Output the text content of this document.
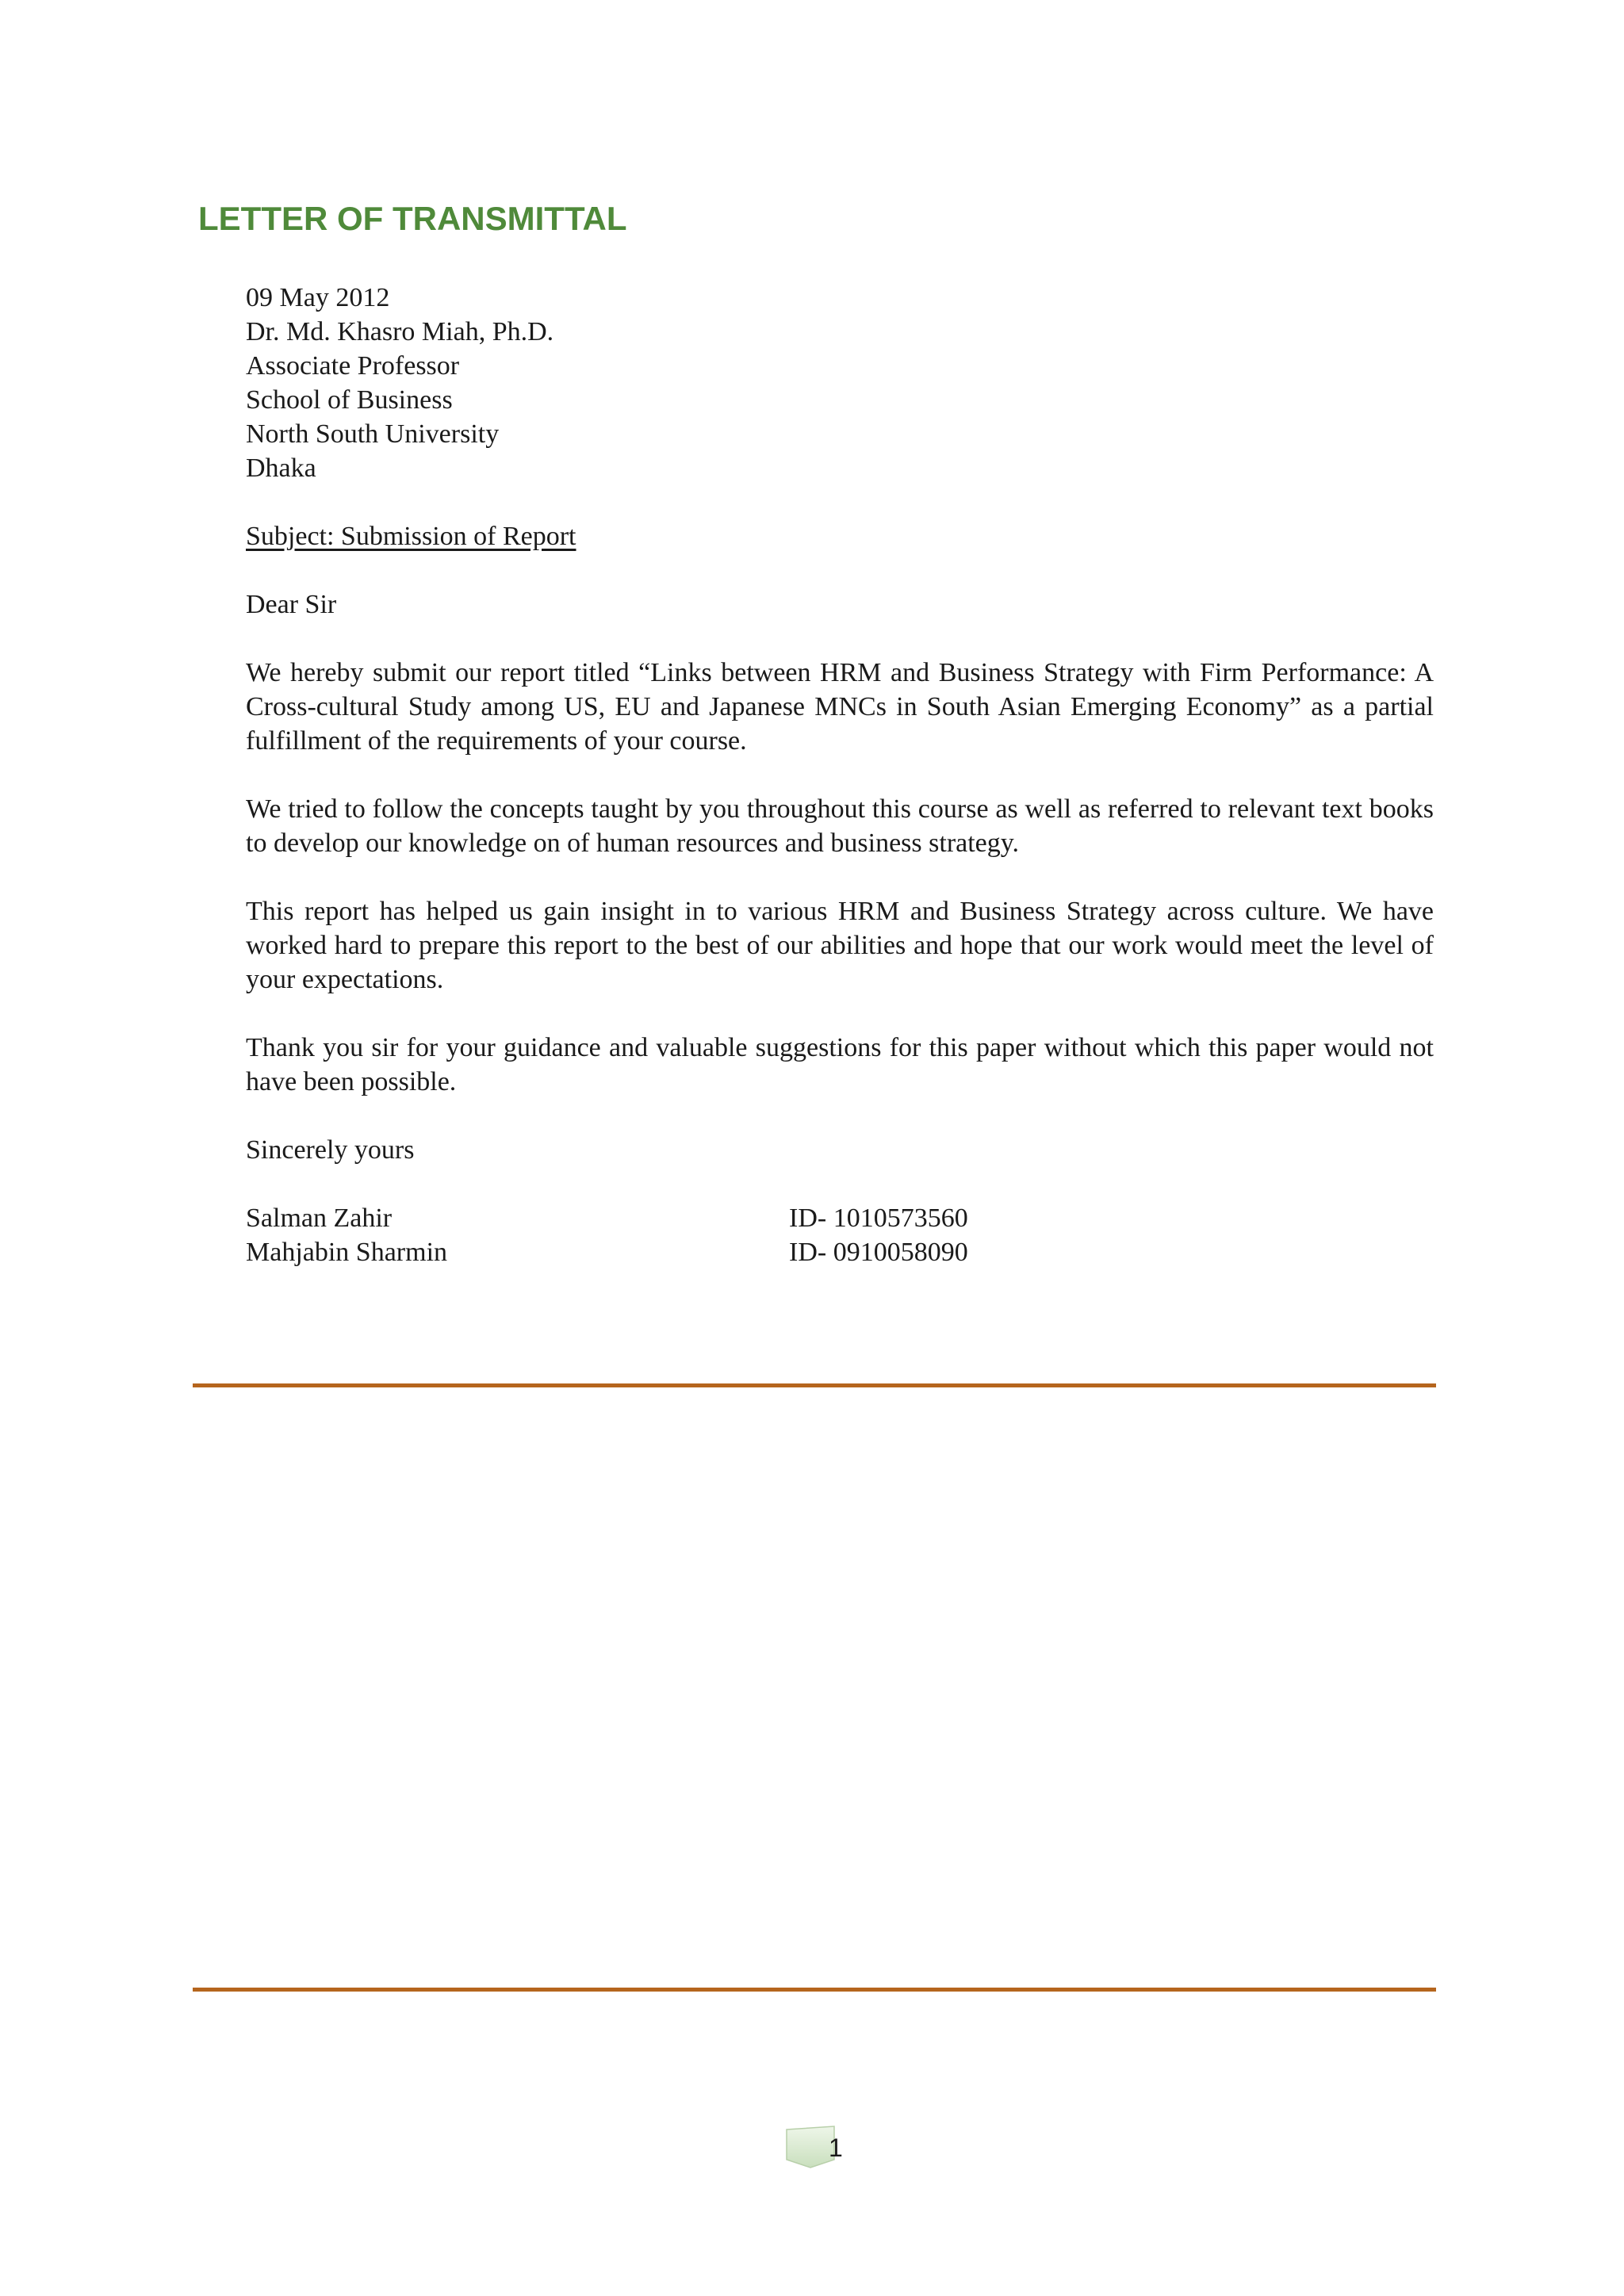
LETTER OF TRANSMITTAL
09 May 2012
Dr. Md. Khasro Miah, Ph.D.
Associate Professor
School of Business
North South University
Dhaka
Subject: Submission of Report
Dear Sir

We hereby submit our report titled “Links between HRM and Business Strategy with Firm Performance: A Cross-cultural Study among US, EU and Japanese MNCs in South Asian Emerging Economy” as a partial fulfillment of the requirements of your course.

We tried to follow the concepts taught by you throughout this course as well as referred to relevant text books to develop our knowledge on of human resources and business strategy.

This report has helped us gain insight in to various HRM and Business Strategy across culture. We have worked hard to prepare this report to the best of our abilities and hope that our work would meet the level of your expectations.

Thank you sir for your guidance and valuable suggestions for this paper without which this paper would not have been possible.

Sincerely yours
Salman Zahir	ID- 1010573560
Mahjabin Sharmin	ID- 0910058090
1
